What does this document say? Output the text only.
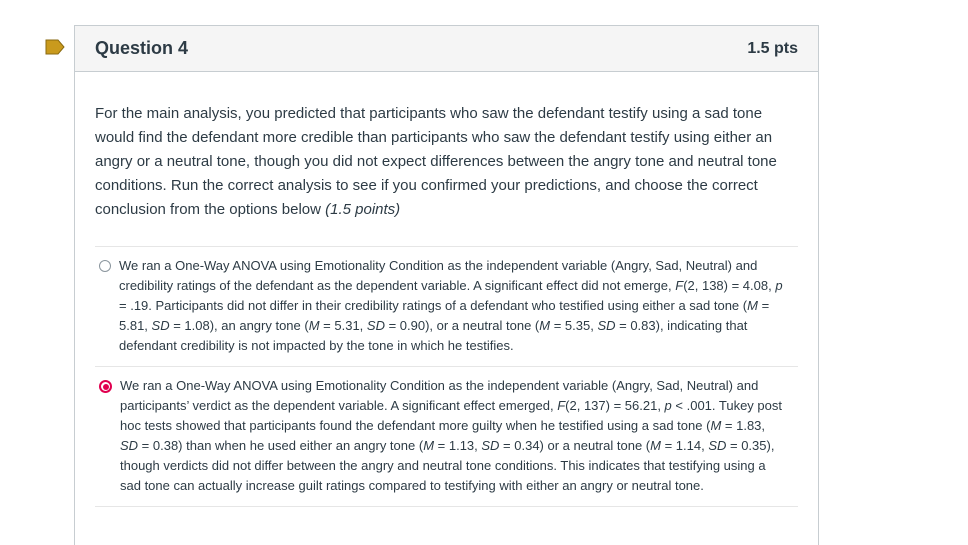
Question 4	1.5 pts

For the main analysis, you predicted that participants who saw the defendant testify using a sad tone would find the defendant more credible than participants who saw the defendant testify using either an angry or a neutral tone, though you did not expect differences between the angry tone and neutral tone conditions. Run the correct analysis to see if you confirmed your predictions, and choose the correct conclusion from the options below (1.5 points)

We ran a One-Way ANOVA using Emotionality Condition as the independent variable (Angry, Sad, Neutral) and credibility ratings of the defendant as the dependent variable. A significant effect did not emerge, F(2, 138) = 4.08, p = .19. Participants did not differ in their credibility ratings of a defendant who testified using either a sad tone (M = 5.81, SD = 1.08), an angry tone (M = 5.31, SD = 0.90), or a neutral tone (M = 5.35, SD = 0.83), indicating that defendant credibility is not impacted by the tone in which he testifies.
We ran a One-Way ANOVA using Emotionality Condition as the independent variable (Angry, Sad, Neutral) and participants’ verdict as the dependent variable. A significant effect emerged, F(2, 137) = 56.21, p < .001. Tukey post hoc tests showed that participants found the defendant more guilty when he testified using a sad tone (M = 1.83, SD = 0.38) than when he used either an angry tone (M = 1.13, SD = 0.34) or a neutral tone (M = 1.14, SD = 0.35), though verdicts did not differ between the angry and neutral tone conditions. This indicates that testifying using a sad tone can actually increase guilt ratings compared to testifying with either an angry or neutral tone.
